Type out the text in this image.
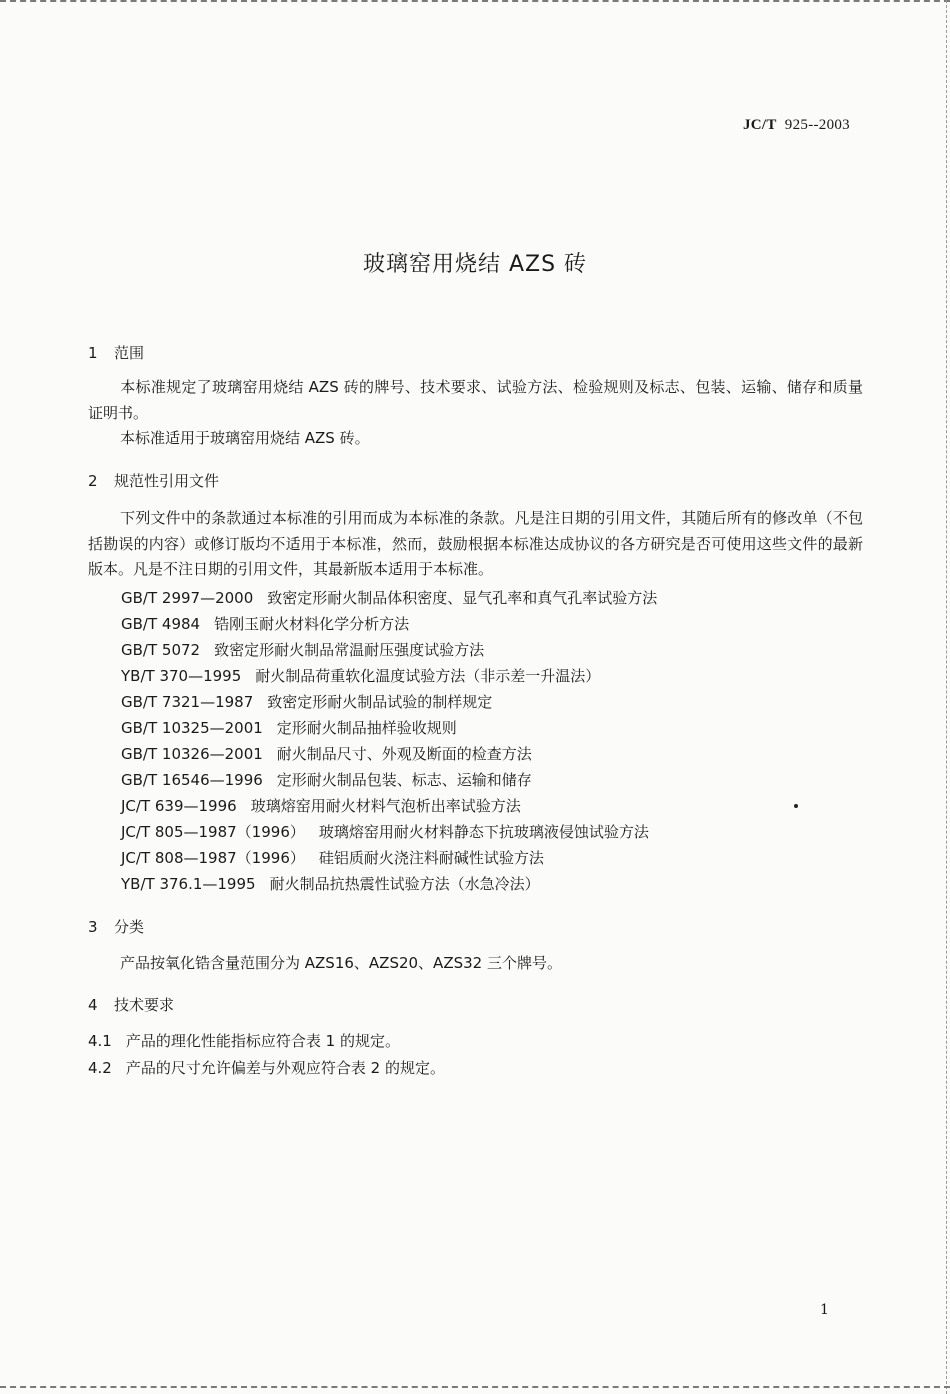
JC/T 925--2003
玻璃窑用烧结 AZS 砖
1 范围
本标准规定了玻璃窑用烧结 AZS 砖的牌号、技术要求、试验方法、检验规则及标志、包装、运输、储存和质量证明书。
本标准适用于玻璃窑用烧结 AZS 砖。
2 规范性引用文件
下列文件中的条款通过本标准的引用而成为本标准的条款。凡是注日期的引用文件，其随后所有的修改单（不包括勘误的内容）或修订版均不适用于本标准，然而，鼓励根据本标准达成协议的各方研究是否可使用这些文件的最新版本。凡是不注日期的引用文件，其最新版本适用于本标准。
GB/T 2997—2000 致密定形耐火制品体积密度、显气孔率和真气孔率试验方法
GB/T 4984 锆刚玉耐火材料化学分析方法
GB/T 5072 致密定形耐火制品常温耐压强度试验方法
YB/T 370—1995 耐火制品荷重软化温度试验方法（非示差一升温法）
GB/T 7321—1987 致密定形耐火制品试验的制样规定
GB/T 10325—2001 定形耐火制品抽样验收规则
GB/T 10326—2001 耐火制品尺寸、外观及断面的检查方法
GB/T 16546—1996 定形耐火制品包装、标志、运输和储存
JC/T 639—1996 玻璃熔窑用耐火材料气泡析出率试验方法
JC/T 805—1987（1996） 玻璃熔窑用耐火材料静态下抗玻璃液侵蚀试验方法
JC/T 808—1987（1996） 硅铝质耐火浇注料耐碱性试验方法
YB/T 376.1—1995 耐火制品抗热震性试验方法（水急冷法）
3 分类
产品按氧化锆含量范围分为 AZS16、AZS20、AZS32 三个牌号。
4 技术要求
4.1 产品的理化性能指标应符合表 1 的规定。
4.2 产品的尺寸允许偏差与外观应符合表 2 的规定。
1
